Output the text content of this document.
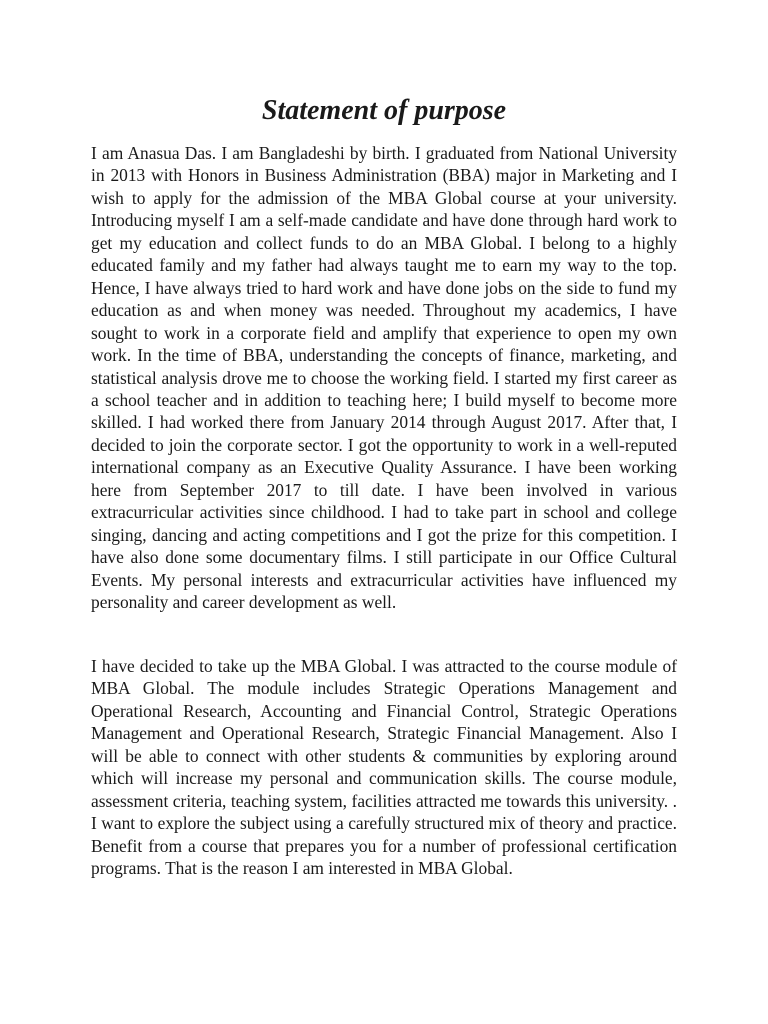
Statement of purpose

I am Anasua Das. I am Bangladeshi by birth. I graduated from National University in 2013 with Honors in Business Administration (BBA) major in Marketing and I wish to apply for the admission of the MBA Global course at your university. Introducing myself I am a self-made candidate and have done through hard work to get my education and collect funds to do an MBA Global. I belong to a highly educated family and my father had always taught me to earn my way to the top. Hence, I have always tried to hard work and have done jobs on the side to fund my education as and when money was needed. Throughout my academics, I have sought to work in a corporate field and amplify that experience to open my own work. In the time of BBA, understanding the concepts of finance, marketing, and statistical analysis drove me to choose the working field. I started my first career as a school teacher and in addition to teaching here; I build myself to become more skilled. I had worked there from January 2014 through August 2017. After that, I decided to join the corporate sector. I got the opportunity to work in a well-reputed international company as an Executive Quality Assurance. I have been working here from September 2017 to till date. I have been involved in various extracurricular activities since childhood. I had to take part in school and college singing, dancing and acting competitions and I got the prize for this competition. I have also done some documentary films. I still participate in our Office Cultural Events. My personal interests and extracurricular activities have influenced my personality and career development as well.

I have decided to take up the MBA Global. I was attracted to the course module of MBA Global. The module includes Strategic Operations Management and Operational Research, Accounting and Financial Control, Strategic Operations Management and Operational Research, Strategic Financial Management. Also I will be able to connect with other students & communities by exploring around which will increase my personal and communication skills. The course module, assessment criteria, teaching system, facilities attracted me towards this university. . I want to explore the subject using a carefully structured mix of theory and practice. Benefit from a course that prepares you for a number of professional certification programs. That is the reason I am interested in MBA Global.
